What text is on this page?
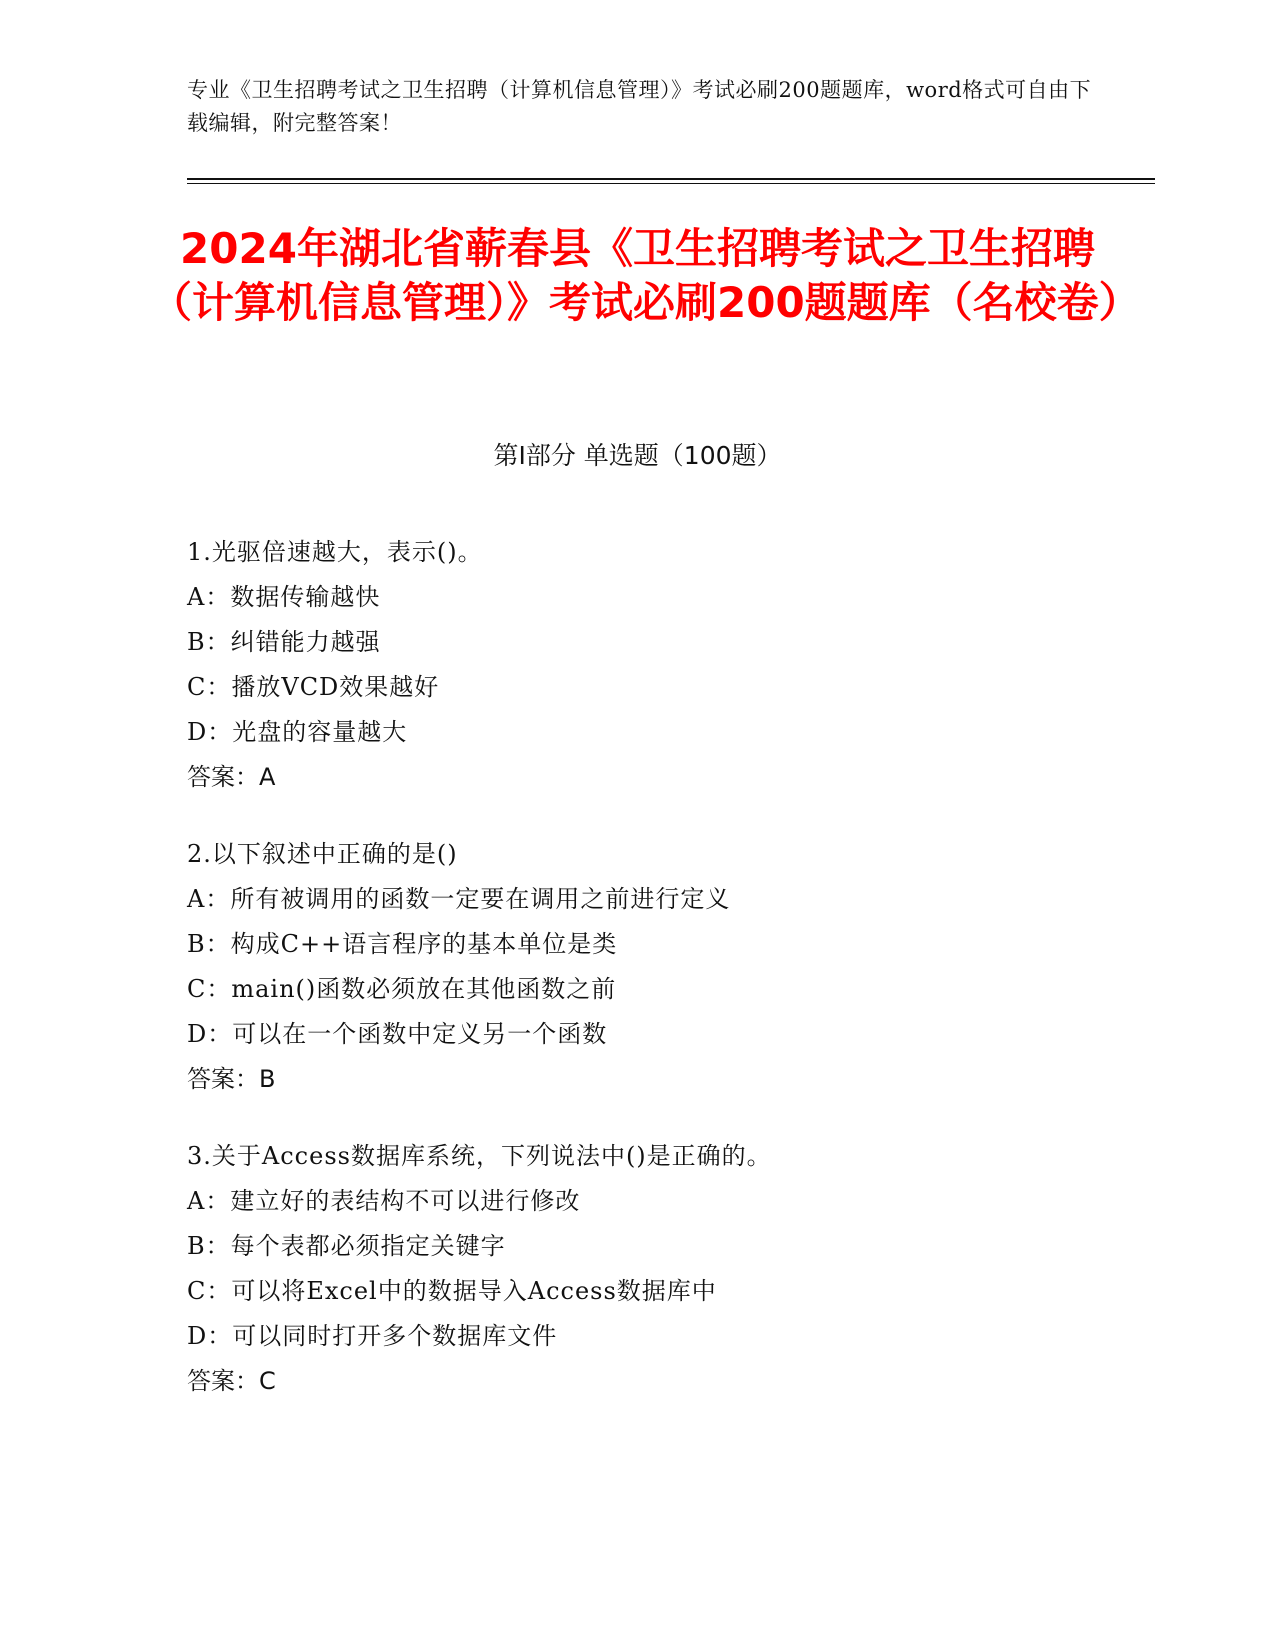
专业《卫生招聘考试之卫生招聘（计算机信息管理）》考试必刷200题题库，word格式可自由下载编辑，附完整答案！
2024年湖北省蕲春县《卫生招聘考试之卫生招聘（计算机信息管理）》考试必刷200题题库（名校卷）
第Ⅰ部分 单选题（100题）
1.光驱倍速越大，表示()。
A：数据传输越快
B：纠错能力越强
C：播放VCD效果越好
D：光盘的容量越大
答案：A
2.以下叙述中正确的是()
A：所有被调用的函数一定要在调用之前进行定义
B：构成C++语言程序的基本单位是类
C：main()函数必须放在其他函数之前
D：可以在一个函数中定义另一个函数
答案：B
3.关于Access数据库系统，下列说法中()是正确的。
A：建立好的表结构不可以进行修改
B：每个表都必须指定关键字
C：可以将Excel中的数据导入Access数据库中
D：可以同时打开多个数据库文件
答案：C
